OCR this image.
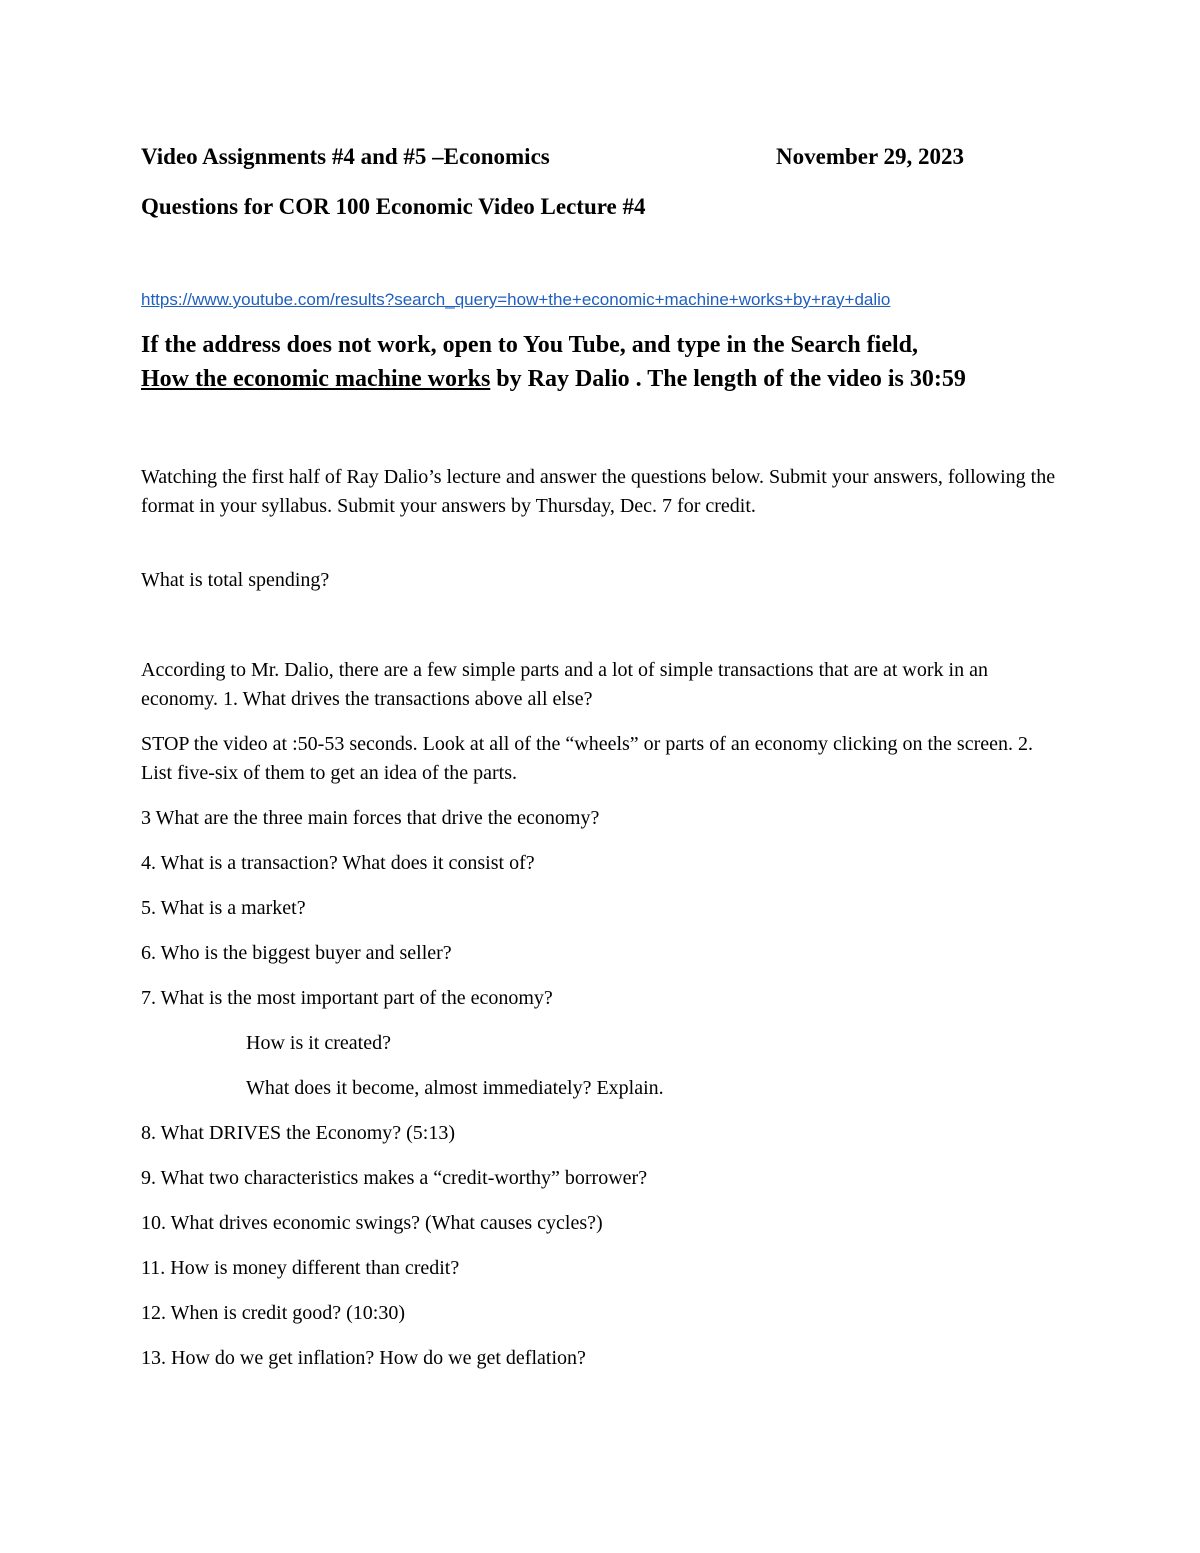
Video Assignments #4 and #5 –Economics	November 29, 2023
Questions for COR 100 Economic Video Lecture #4
https://www.youtube.com/results?search_query=how+the+economic+machine+works+by+ray+dalio
If the address does not work, open to You Tube, and type in the Search field,
How the economic machine works by Ray Dalio . The length of the video is 30:59
Watching the first half of Ray Dalio’s lecture and answer the questions below. Submit your answers, following the format in your syllabus. Submit your answers by Thursday, Dec. 7 for credit.
What is total spending?
According to Mr. Dalio, there are a few simple parts and a lot of simple transactions that are at work in an economy. 1. What drives the transactions above all else?
STOP the video at :50-53 seconds. Look at all of the “wheels” or parts of an economy clicking on the screen. 2. List five-six of them to get an idea of the parts.
3 What are the three main forces that drive the economy?
4. What is a transaction? What does it consist of?
5. What is a market?
6. Who is the biggest buyer and seller?
7. What is the most important part of the economy?
How is it created?
What does it become, almost immediately? Explain.
8. What DRIVES the Economy? (5:13)
9. What two characteristics makes a “credit-worthy” borrower?
10. What drives economic swings? (What causes cycles?)
11. How is money different than credit?
12. When is credit good? (10:30)
13. How do we get inflation? How do we get deflation?
